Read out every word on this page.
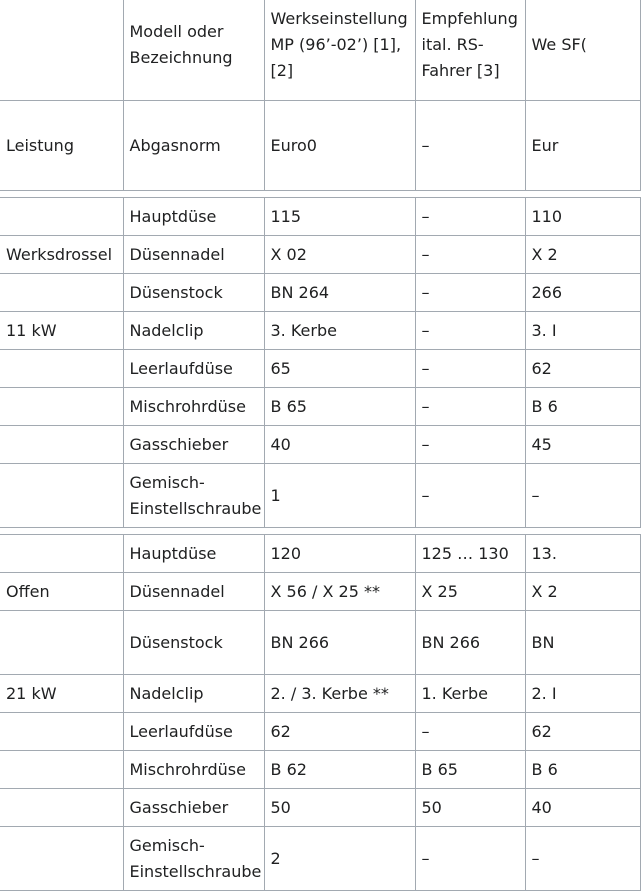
	Modell oder Bezeichnung	Werkseinstellung MP (96’-02’) [1], [2]	Empfehlung ital. RS-Fahrer [3]	We SF(
Leistung	Abgasnorm	Euro0	–	Eur

	Hauptdüse	115	–	110
Werksdrossel	Düsennadel	X 02	–	X 2
	Düsenstock	BN 264	–	266
11 kW	Nadelclip	3. Kerbe	–	3. I
	Leerlaufdüse	65	–	62
	Mischrohrdüse	B 65	–	B 6
	Gasschieber	40	–	45
	Gemisch-Einstellschraube	1	–	–

	Hauptdüse	120	125 … 130	13.
Offen	Düsennadel	X 56 / X 25 **	X 25	X 2
	Düsenstock	BN 266	BN 266	BN
21 kW	Nadelclip	2. / 3. Kerbe **	1. Kerbe	2. I
	Leerlaufdüse	62	–	62
	Mischrohrdüse	B 62	B 65	B 6
	Gasschieber	50	50	40
	Gemisch-Einstellschraube	2	–	–
